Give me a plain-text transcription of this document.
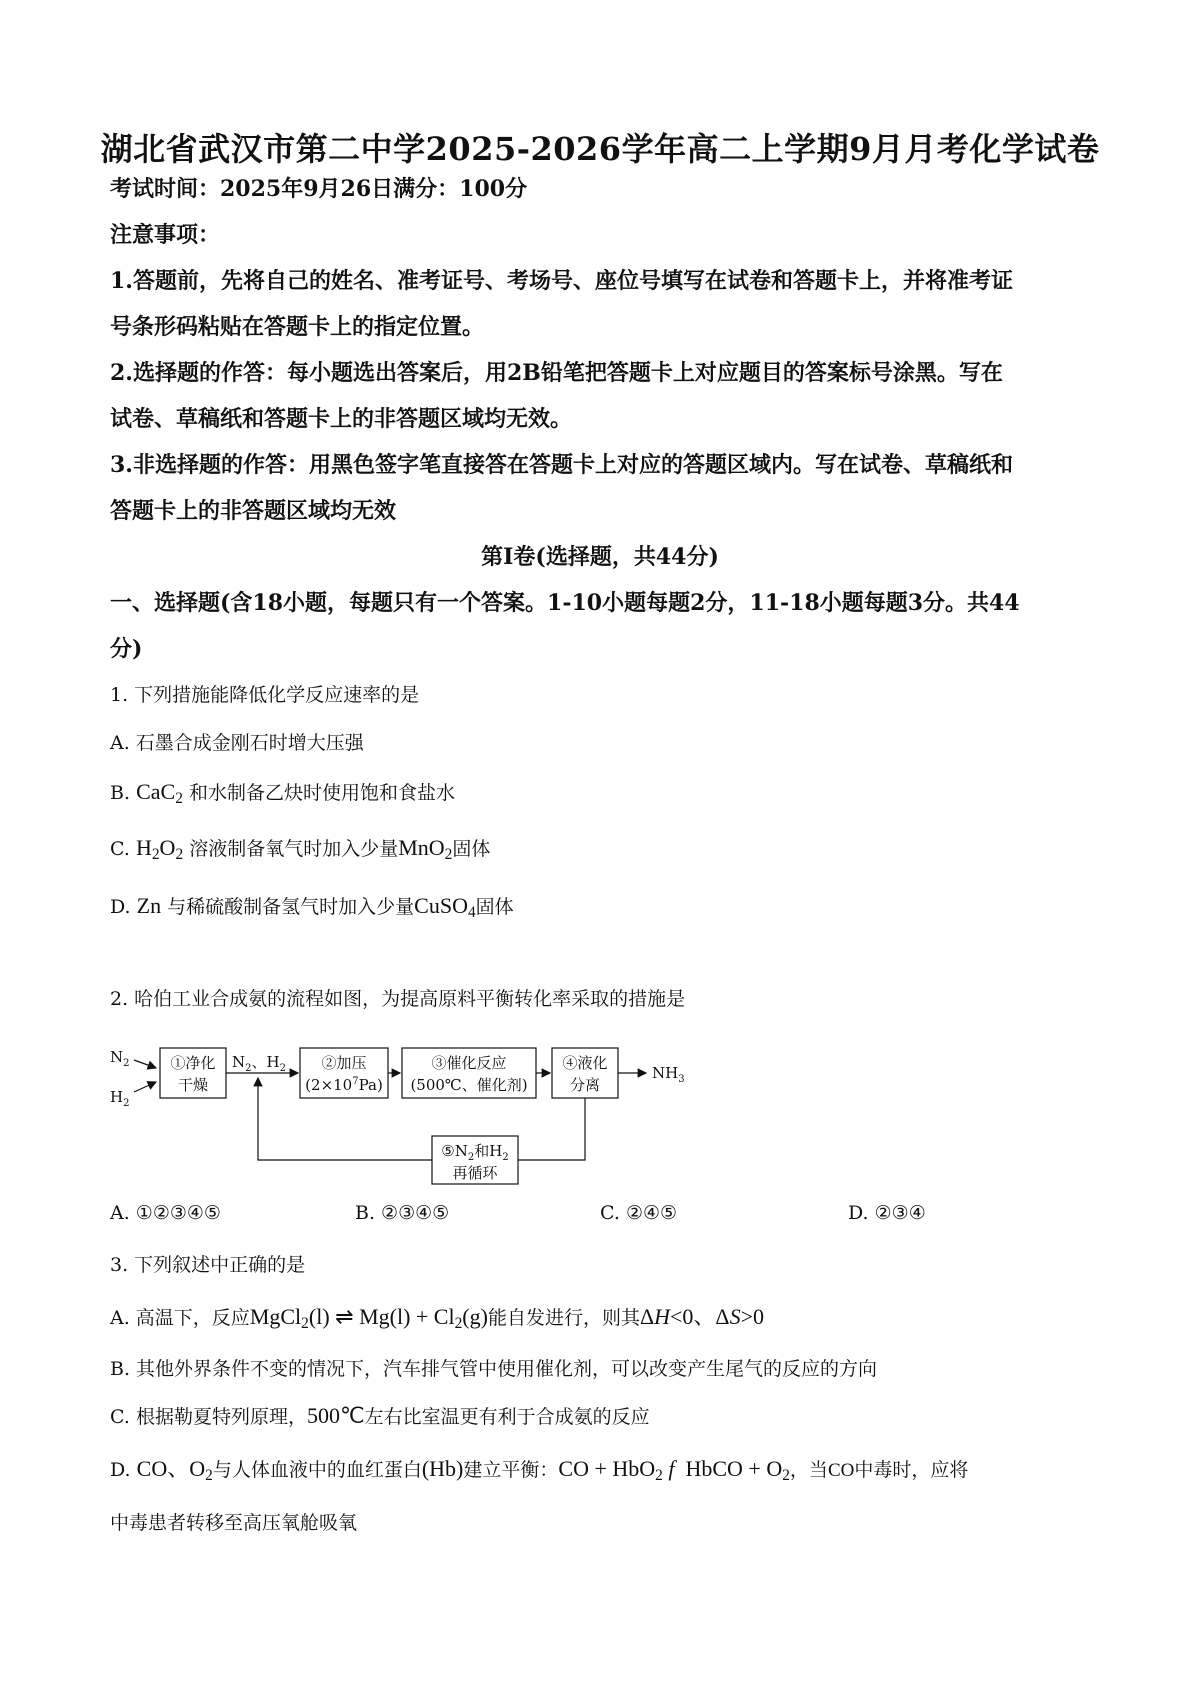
湖北省武汉市第二中学2025-2026学年高二上学期9月月考化学试卷
考试时间：2025年9月26日满分：100分
注意事项：
1.答题前，先将自己的姓名、准考证号、考场号、座位号填写在试卷和答题卡上，并将准考证
号条形码粘贴在答题卡上的指定位置。
2.选择题的作答：每小题选出答案后，用2B铅笔把答题卡上对应题目的答案标号涂黑。写在
试卷、草稿纸和答题卡上的非答题区域均无效。
3.非选择题的作答：用黑色签字笔直接答在答题卡上对应的答题区域内。写在试卷、草稿纸和
答题卡上的非答题区域均无效
第I卷(选择题，共44分)
一、选择题(含18小题，每题只有一个答案。1-10小题每题2分，11-18小题每题3分。共44
分)
1. 下列措施能降低化学反应速率的是
A. 石墨合成金刚石时增大压强
B. CaC$_2$ 和水制备乙炔时使用饱和食盐水
C. $H_2O_2$ 溶液制备氧气时加入少量MnO$_2$固体
D. Zn 与稀硫酸制备氢气时加入少量CuSO$_4$固体
2. 哈伯工业合成氨的流程如图，为提高原料平衡转化率采取的措施是
$N_2$
$H_2$
①净化
干燥
$N_2$、$H_2$ ②加压
$(2\times 10^7Pa)$
③催化反应
(500℃、催化剂)
④液化
分离
$NH_3$
$⑤N_2$和$H_2$
再循环
A. ①②③④⑤	B. ②③④⑤	C. ②④⑤	D. ②③④
3. 下列叙述中正确的是
A. 高温下，反应MgCl$_2$(l) ⇌ $Mg(l) + Cl_2(g)$能自发进行，则其ΔH<0、ΔS>0
B. 其他外界条件不变的情况下，汽车排气管中使用催化剂，可以改变产生尾气的反应的方向
C. 根据勒夏特列原理，500℃左右比室温更有利于合成氨的反应
D. CO、$O_2$与人体血液中的血红蛋白(Hb)建立平衡：CO + HbO$_2$ f  HbCO + $O_2$，当CO中毒时，应将
中毒患者转移至高压氧舱吸氧
